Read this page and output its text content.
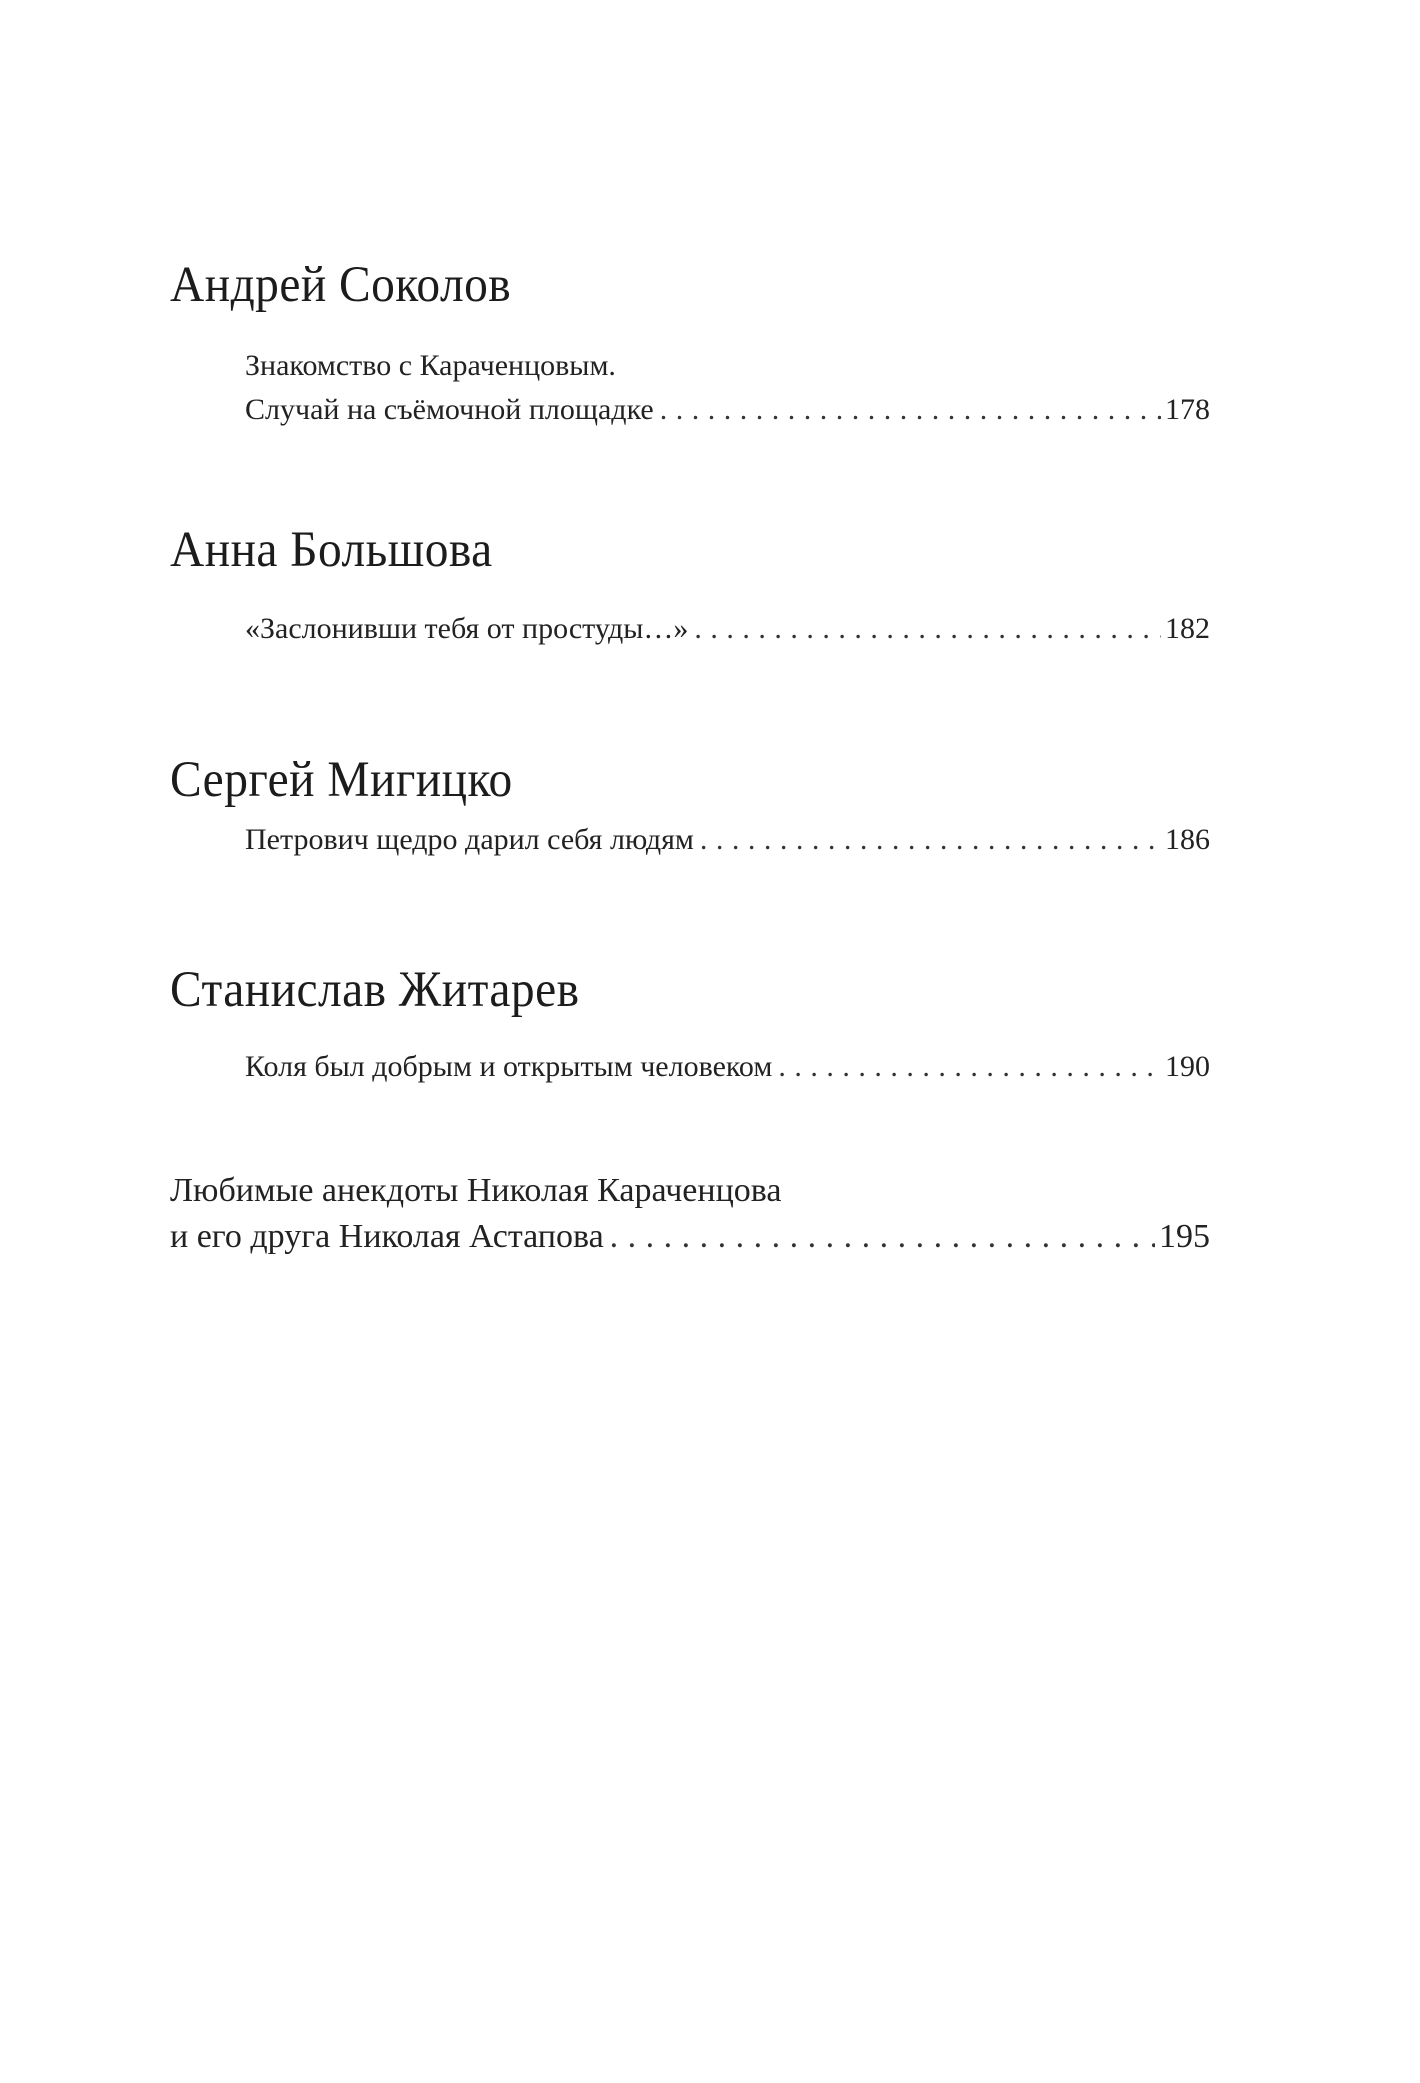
Андрей Соколов
Знакомство с Караченцовым.
Случай на съёмочной площадке . . .	178
Анна Большова
«Заслонивши тебя от простуды…» . . .	182
Сергей Мигицко
Петрович щедро дарил себя людям . . .	186
Станислав Житарев
Коля был добрым и открытым человеком . . .	190
Любимые анекдоты Николая Караченцова
и его друга Николая Астапова . . .	195
